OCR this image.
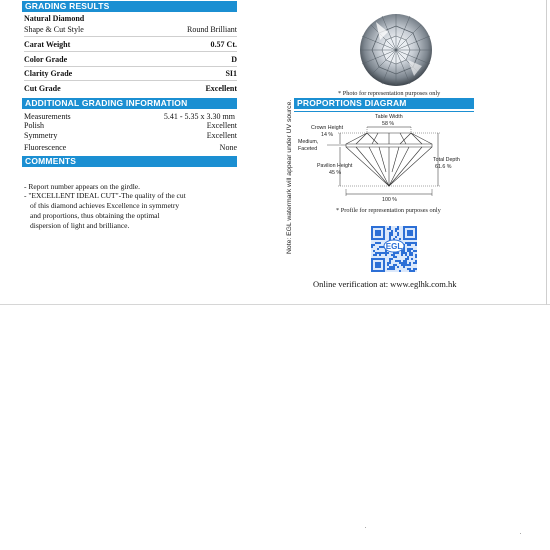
GRADING RESULTS
Natural Diamond
Shape & Cut Style	Round Brilliant
Carat Weight	0.57 Ct.
Color Grade	D
Clarity Grade	SI1
Cut Grade	Excellent
ADDITIONAL GRADING INFORMATION
Measurements	5.41 - 5.35 x 3.30 mm
Polish	Excellent
Symmetry	Excellent
Fluorescence	None
COMMENTS
- Report number appears on the girdle.
- "EXCELLENT IDEAL CUT"-The quality of the cut
of this diamond achieves Excellence in symmetry
and proportions, thus obtaining the optimal
dispersion of light and brilliance.	Note: EGL watermark will appear under UV source.
* Photo for representation purposes only
PROPORTIONS DIAGRAM
Table Width
58 %
Crown Height
14 %
Medium,
Faceted
Pavilion Height
45 %
Total Depth
61.6 %
100 %
* Profile for representation purposes only
EGL
Online verification at: www.eglhk.com.hk
